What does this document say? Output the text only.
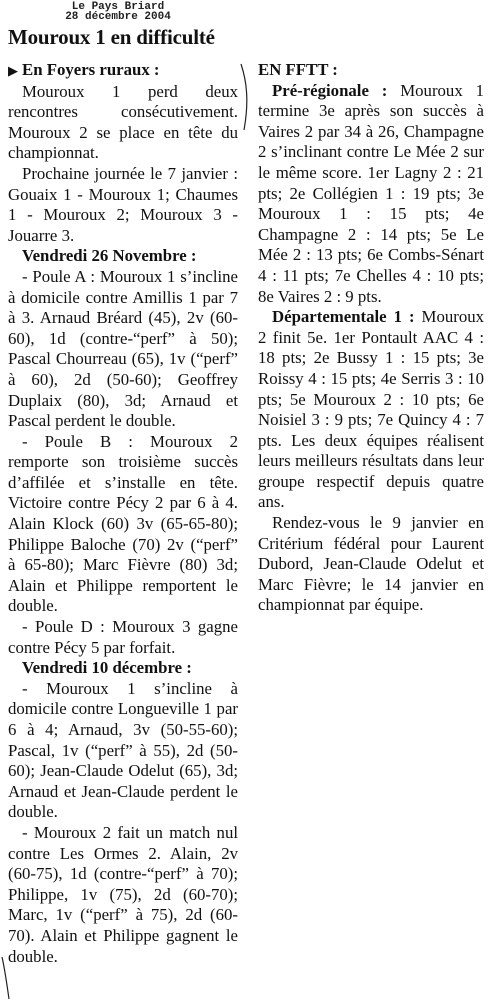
Le Pays Briard
28 décembre 2004
Mouroux 1 en difficulté

▶ En Foyers ruraux :

Mouroux 1 perd deux rencontres consécutivement. Mouroux 2 se place en tête du championnat.

Prochaine journée le 7 janvier : Gouaix 1 - Mouroux 1; Chaumes 1 - Mouroux 2; Mouroux 3 - Jouarre 3.

Vendredi 26 Novembre :

- Poule A : Mouroux 1 s’incline à domicile contre Amillis 1 par 7 à 3. Arnaud Bréard (45), 2v (60-60), 1d (contre-“perf” à 50); Pascal Chourreau (65), 1v (“perf” à 60), 2d (50-60); Geoffrey Duplaix (80), 3d; Arnaud et Pascal perdent le double.

- Poule B : Mouroux 2 remporte son troisième succès d’affilée et s’installe en tête. Victoire contre Pécy 2 par 6 à 4. Alain Klock (60) 3v (65-65-80); Philippe Baloche (70) 2v (“perf” à 65-80); Marc Fièvre (80) 3d; Alain et Philippe remportent le double.

- Poule D : Mouroux 3 gagne contre Pécy 5 par forfait.

Vendredi 10 décembre :

- Mouroux 1 s’incline à domicile contre Longueville 1 par 6 à 4; Arnaud, 3v (50-55-60); Pascal, 1v (“perf” à 55), 2d (50-60); Jean-Claude Odelut (65), 3d; Arnaud et Jean-Claude perdent le double.

- Mouroux 2 fait un match nul contre Les Ormes 2. Alain, 2v (60-75), 1d (contre-“perf” à 70); Philippe, 1v (75), 2d (60-70); Marc, 1v (“perf” à 75), 2d (60-70). Alain et Philippe gagnent le double.

EN FFTT :

Pré-régionale : Mouroux 1 termine 3e après son succès à Vaires 2 par 34 à 26, Champagne 2 s’inclinant contre Le Mée 2 sur le même score. 1er Lagny 2 : 21 pts; 2e Collégien 1 : 19 pts; 3e Mouroux 1 : 15 pts; 4e Champagne 2 : 14 pts; 5e Le Mée 2 : 13 pts; 6e Combs-Sénart 4 : 11 pts; 7e Chelles 4 : 10 pts; 8e Vaires 2 : 9 pts.

Départementale 1 : Mouroux 2 finit 5e. 1er Pontault AAC 4 : 18 pts; 2e Bussy 1 : 15 pts; 3e Roissy 4 : 15 pts; 4e Serris 3 : 10 pts; 5e Mouroux 2 : 10 pts; 6e Noisiel 3 : 9 pts; 7e Quincy 4 : 7 pts. Les deux équipes réalisent leurs meilleurs résultats dans leur groupe respectif depuis quatre ans.

Rendez-vous le 9 janvier en Critérium fédéral pour Laurent Dubord, Jean-Claude Odelut et Marc Fièvre; le 14 janvier en championnat par équipe.
